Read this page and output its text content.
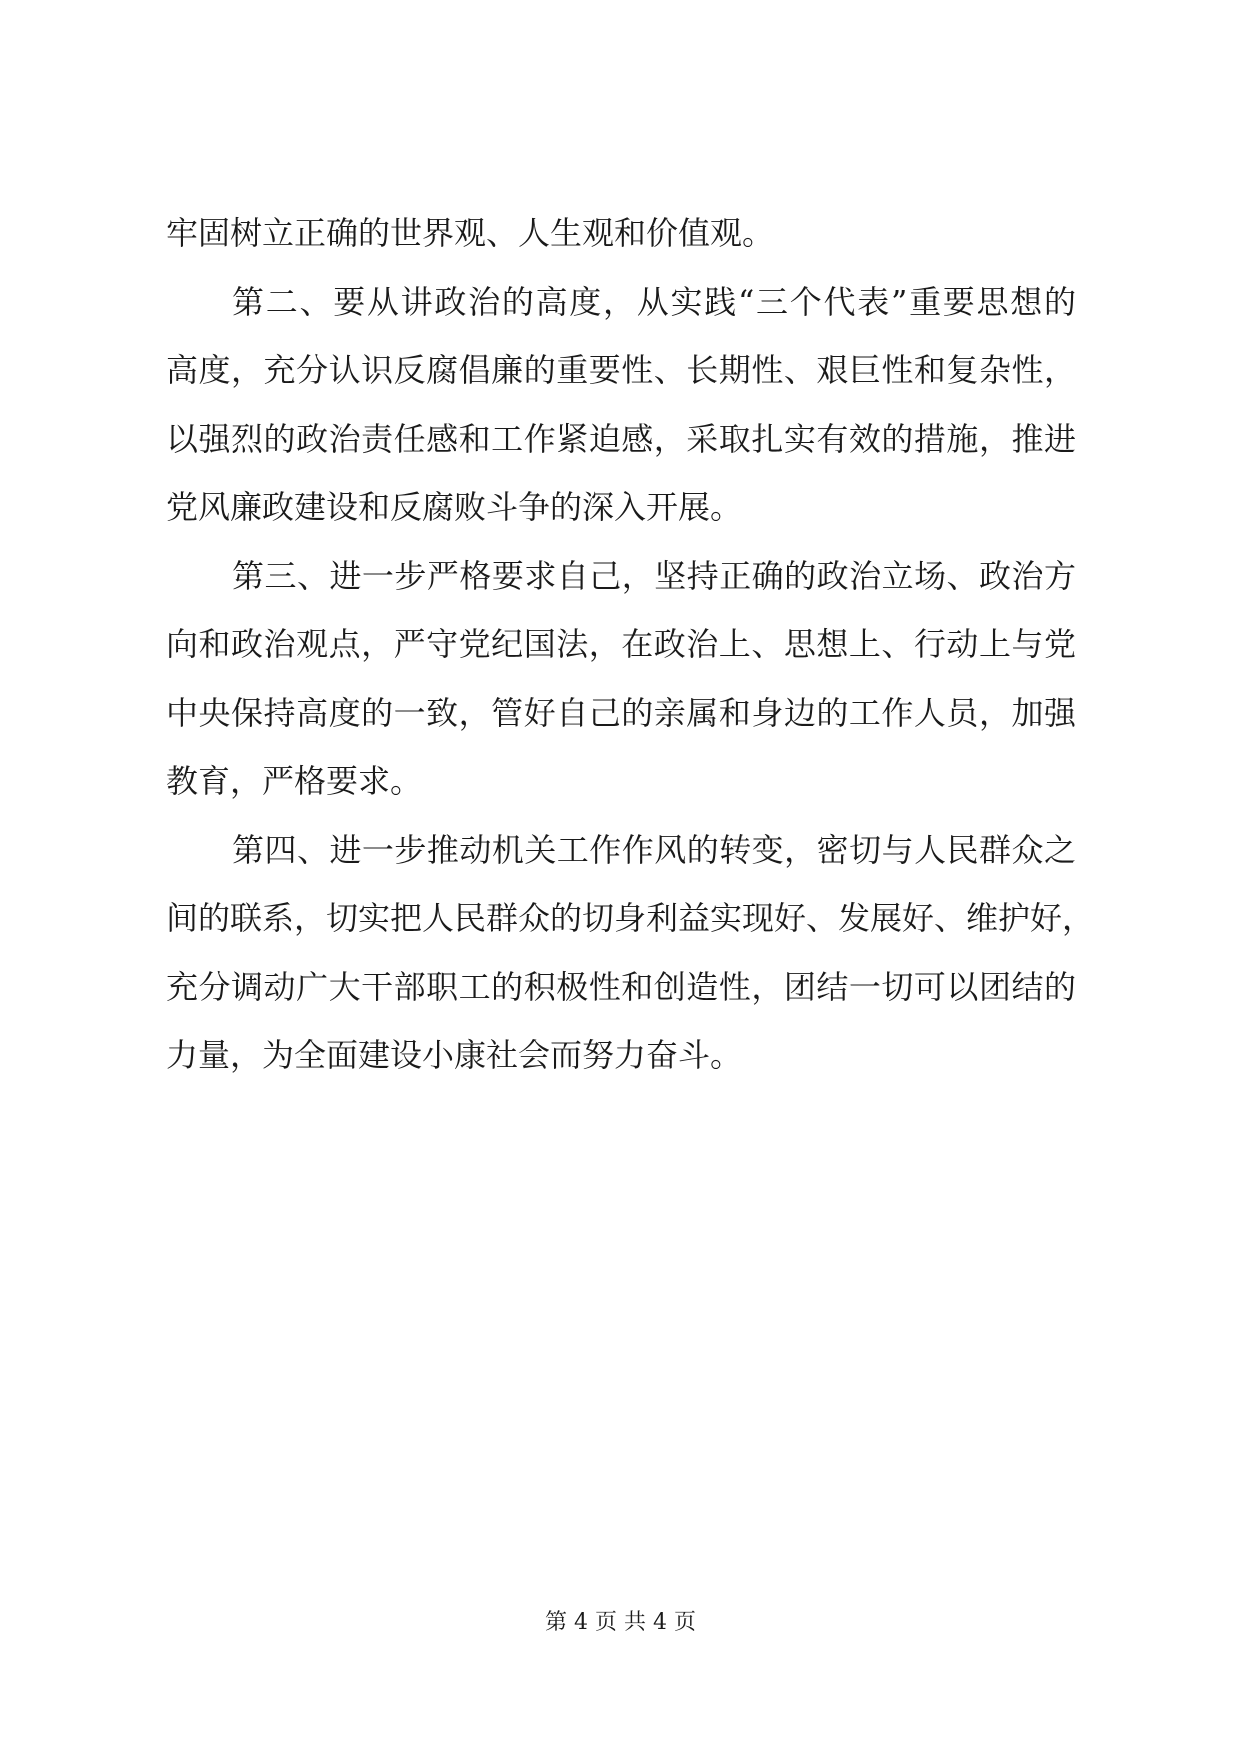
牢固树立正确的世界观、人生观和价值观。
第二、要从讲政治的高度，从实践“三个代表”重要思想的
高度，充分认识反腐倡廉的重要性、长期性、艰巨性和复杂性，
以强烈的政治责任感和工作紧迫感，采取扎实有效的措施，推进
党风廉政建设和反腐败斗争的深入开展。
第三、进一步严格要求自己，坚持正确的政治立场、政治方
向和政治观点，严守党纪国法，在政治上、思想上、行动上与党
中央保持高度的一致，管好自己的亲属和身边的工作人员，加强
教育，严格要求。
第四、进一步推动机关工作作风的转变，密切与人民群众之
间的联系，切实把人民群众的切身利益实现好、发展好、维护好，
充分调动广大干部职工的积极性和创造性，团结一切可以团结的
力量，为全面建设小康社会而努力奋斗。
第 4 页 共 4 页
